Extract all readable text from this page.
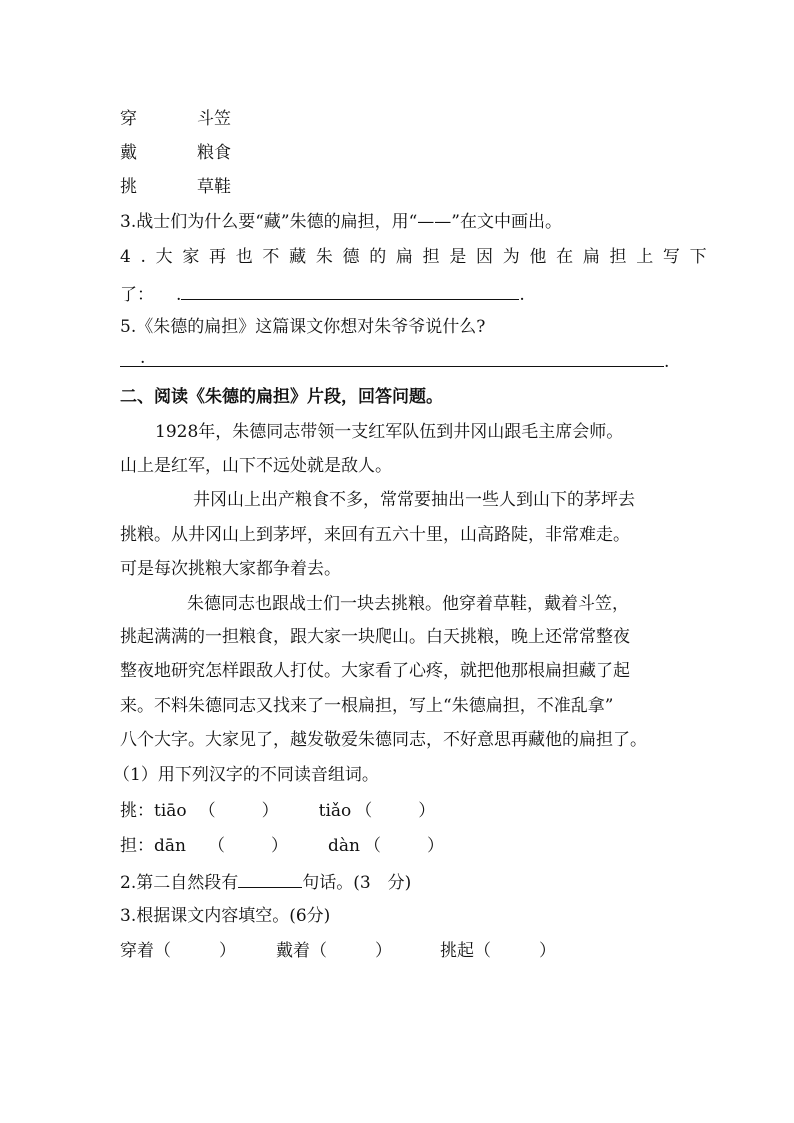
穿	斗笠
戴	粮食
挑	草鞋
3.战士们为什么要“藏”朱德的扁担，用“——”在文中画出。
4.大家再也不藏朱德的扁担是因为他在扁担上写下
了： .	.
5.《朱德的扁担》这篇课文你想对朱爷爷说什么?
.	.
二、阅读《朱德的扁担》片段，回答问题。
1928年，朱德同志带领一支红军队伍到井冈山跟毛主席会师。
山上是红军，山下不远处就是敌人。
井冈山上出产粮食不多，常常要抽出一些人到山下的茅坪去
挑粮。从井冈山上到茅坪，来回有五六十里，山高路陡，非常难走。
可是每次挑粮大家都争着去。
朱德同志也跟战士们一块去挑粮。他穿着草鞋，戴着斗笠，
挑起满满的一担粮食，跟大家一块爬山。白天挑粮，晚上还常常整夜
整夜地研究怎样跟敌人打仗。大家看了心疼，就把他那根扁担藏了起
来。不料朱德同志又找来了一根扁担，写上“朱德扁担，不准乱拿”
八个大字。大家见了，越发敬爱朱德同志，不好意思再藏他的扁担了。
（1）用下列汉字的不同读音组词。
挑：tiāo （	） tiǎo （	）
担：dān （	） dàn （	）
2.第二自然段有	句话。(3　分)
3.根据课文内容填空。(6分)
穿着（	） 戴着（	）	挑起（	）
